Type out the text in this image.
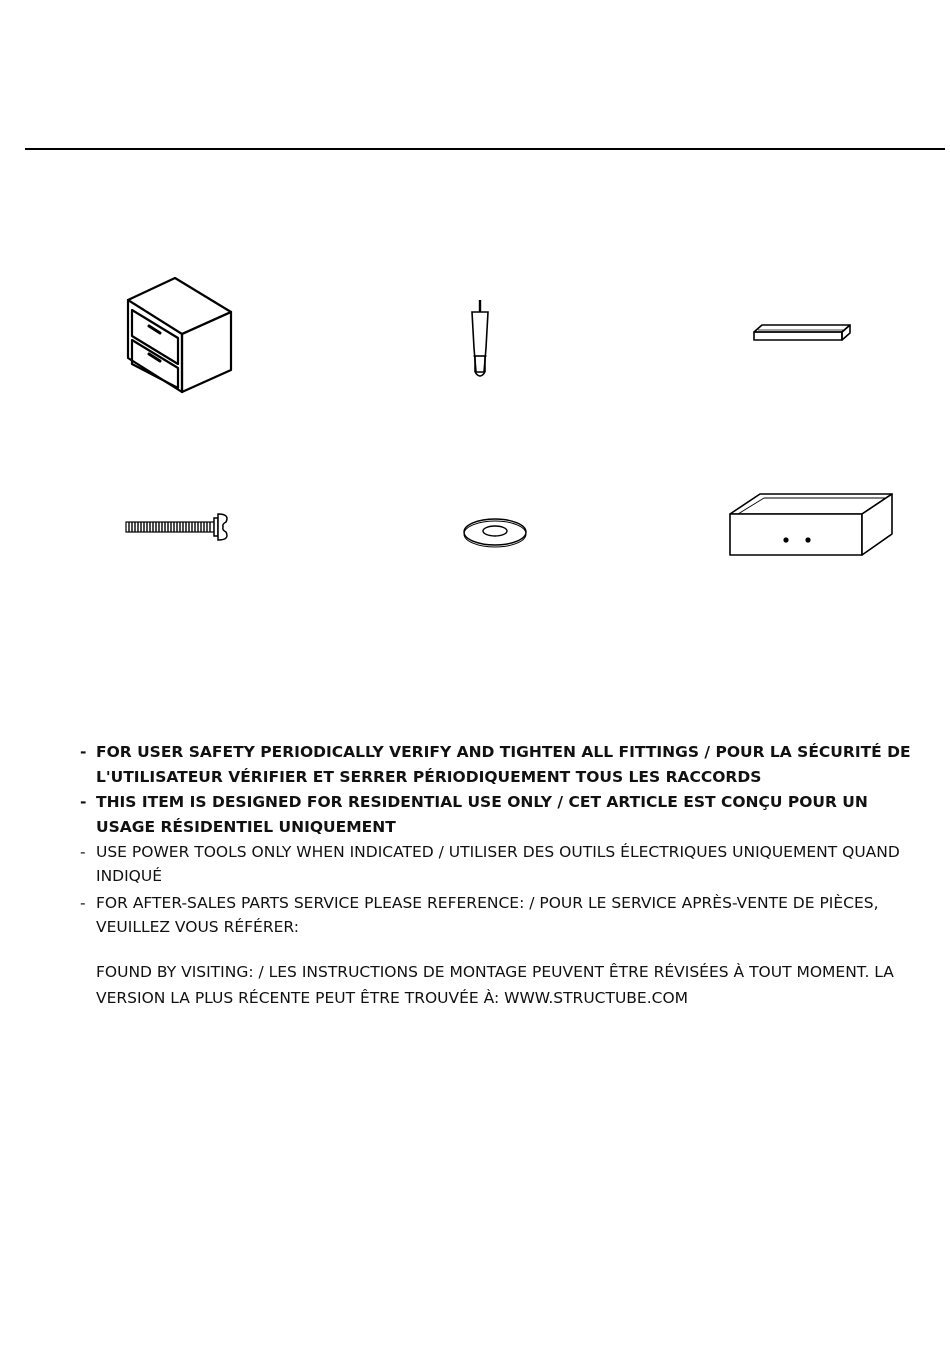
- FOR USER SAFETY PERIODICALLY VERIFY AND TIGHTEN ALL FITTINGS / POUR LA SÉCURITÉ DE L'UTILISATEUR VÉRIFIER ET SERRER PÉRIODIQUEMENT TOUS LES RACCORDS

- THIS ITEM IS DESIGNED FOR RESIDENTIAL USE ONLY / CET ARTICLE EST CONÇU POUR UN USAGE RÉSIDENTIEL UNIQUEMENT

- USE POWER TOOLS ONLY WHEN INDICATED / UTILISER DES OUTILS ÉLECTRIQUES UNIQUEMENT QUAND INDIQUÉ

- FOR AFTER-SALES PARTS SERVICE PLEASE REFERENCE: / POUR LE SERVICE APRÈS-VENTE DE PIÈCES, VEUILLEZ VOUS RÉFÉRER:

FOUND BY VISITING: / LES INSTRUCTIONS DE MONTAGE PEUVENT ÊTRE RÉVISÉES À TOUT MOMENT. LA VERSION LA PLUS RÉCENTE PEUT ÊTRE TROUVÉE À: WWW.STRUCTUBE.COM
